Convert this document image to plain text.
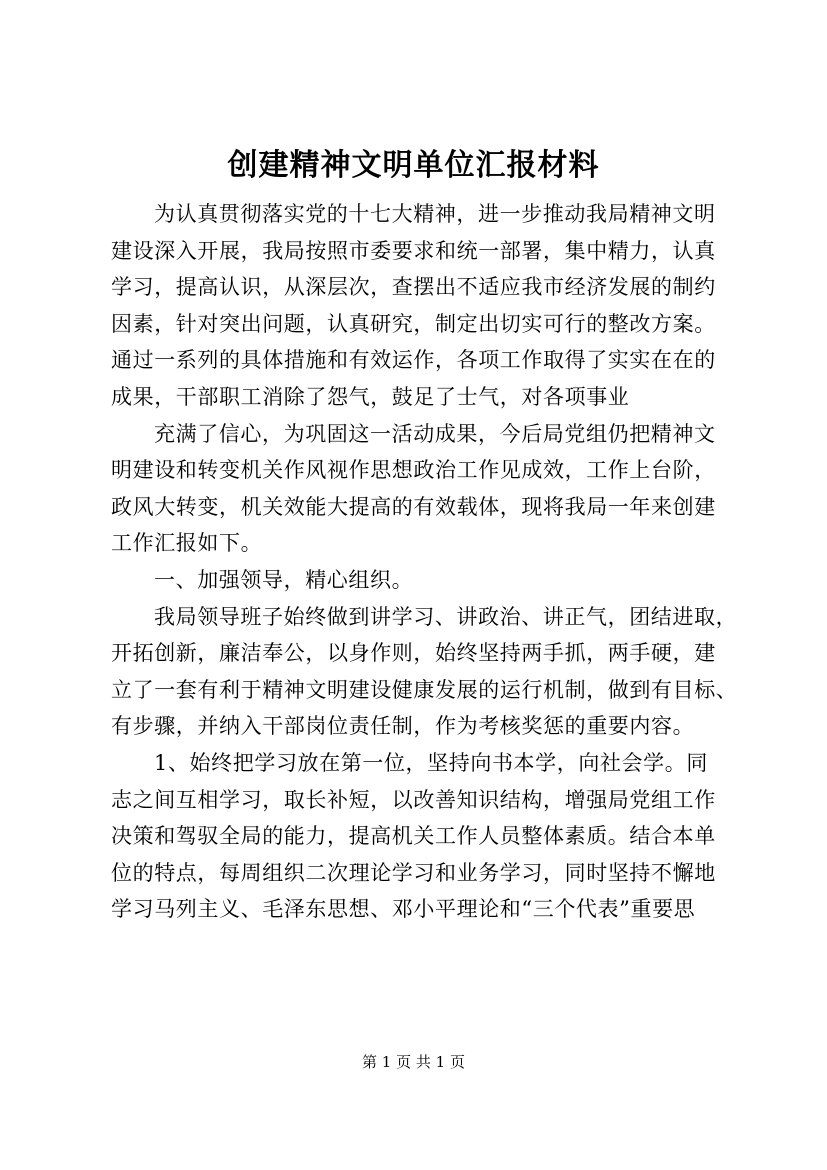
创建精神文明单位汇报材料
为认真贯彻落实党的十七大精神，进一步推动我局精神文明
建设深入开展，我局按照市委要求和统一部署，集中精力，认真
学习，提高认识，从深层次，查摆出不适应我市经济发展的制约
因素，针对突出问题，认真研究，制定出切实可行的整改方案。
通过一系列的具体措施和有效运作，各项工作取得了实实在在的
成果，干部职工消除了怨气，鼓足了士气，对各项事业
充满了信心，为巩固这一活动成果，今后局党组仍把精神文
明建设和转变机关作风视作思想政治工作见成效，工作上台阶，
政风大转变，机关效能大提高的有效载体，现将我局一年来创建
工作汇报如下。
一、加强领导，精心组织。
我局领导班子始终做到讲学习、讲政治、讲正气，团结进取，
开拓创新，廉洁奉公，以身作则，始终坚持两手抓，两手硬，建
立了一套有利于精神文明建设健康发展的运行机制，做到有目标、
有步骤，并纳入干部岗位责任制，作为考核奖惩的重要内容。
1、始终把学习放在第一位，坚持向书本学，向社会学。同
志之间互相学习，取长补短，以改善知识结构，增强局党组工作
决策和驾驭全局的能力，提高机关工作人员整体素质。结合本单
位的特点，每周组织二次理论学习和业务学习，同时坚持不懈地
学习马列主义、毛泽东思想、邓小平理论和“三个代表”重要思
第 1 页 共 1 页
